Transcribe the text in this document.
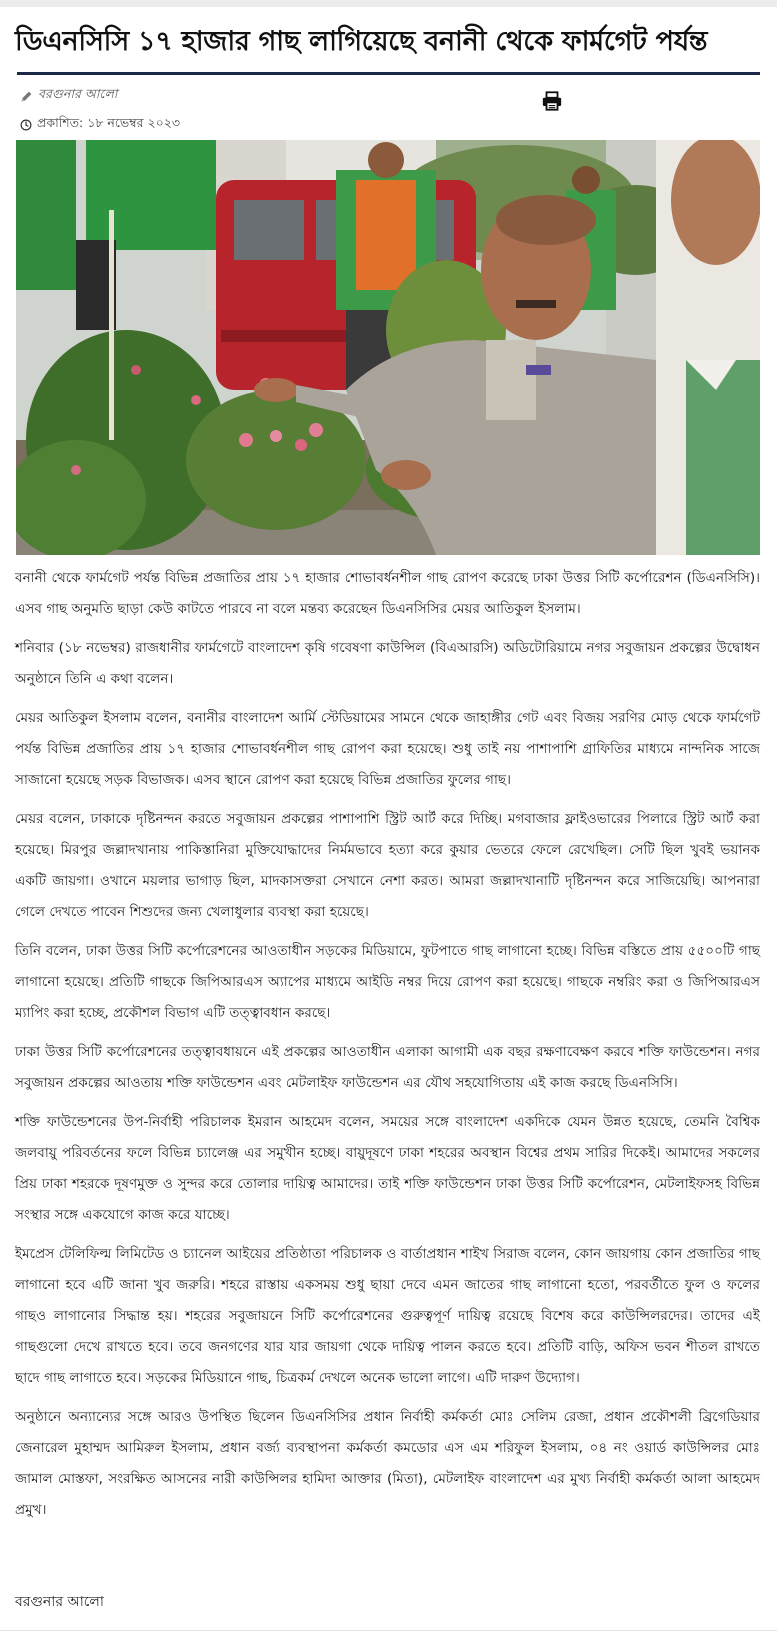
ডিএনসিসি ১৭ হাজার গাছ লাগিয়েছে বনানী থেকে ফার্মগেট পর্যন্ত
বরগুনার আলো
প্রকাশিত: ১৮ নভেম্বর ২০২৩

বনানী থেকে ফার্মগেট পর্যন্ত বিভিন্ন প্রজাতির প্রায় ১৭ হাজার শোভাবর্ধনশীল গাছ রোপণ করেছে ঢাকা উত্তর সিটি কর্পোরেশন (ডিএনসিসি)। এসব গাছ অনুমতি ছাড়া কেউ কাটতে পারবে না বলে মন্তব্য করেছেন ডিএনসিসির মেয়র আতিকুল ইসলাম।

শনিবার (১৮ নভেম্বর) রাজধানীর ফার্মগেটে বাংলাদেশ কৃষি গবেষণা কাউন্সিল (বিএআরসি) অডিটোরিয়ামে নগর সবুজায়ন প্রকল্পের উদ্বোধন অনুষ্ঠানে তিনি এ কথা বলেন।

মেয়র আতিকুল ইসলাম বলেন, বনানীর বাংলাদেশ আর্মি স্টেডিয়ামের সামনে থেকে জাহাঙ্গীর গেট এবং বিজয় সরণির মোড় থেকে ফার্মগেট পর্যন্ত বিভিন্ন প্রজাতির প্রায় ১৭ হাজার শোভাবর্ধনশীল গাছ রোপণ করা হয়েছে। শুধু তাই নয় পাশাপাশি গ্রাফিতির মাধ্যমে নান্দনিক সাজে সাজানো হয়েছে সড়ক বিভাজক। এসব স্থানে রোপণ করা হয়েছে বিভিন্ন প্রজাতির ফুলের গাছ।

মেয়র বলেন, ঢাকাকে দৃষ্টিনন্দন করতে সবুজায়ন প্রকল্পের পাশাপাশি স্ট্রিট আর্ট করে দিচ্ছি। মগবাজার ফ্লাইওভারের পিলারে স্ট্রিট আর্ট করা হয়েছে। মিরপুর জল্লাদখানায় পাকিস্তানিরা মুক্তিযোদ্ধাদের নির্মমভাবে হত্যা করে কুয়ার ভেতরে ফেলে রেখেছিল। সেটি ছিল খুবই ভয়ানক একটি জায়গা। ওখানে ময়লার ভাগাড় ছিল, মাদকাসক্তরা সেখানে নেশা করত। আমরা জল্লাদখানাটি দৃষ্টিনন্দন করে সাজিয়েছি। আপনারা গেলে দেখতে পাবেন শিশুদের জন্য খেলাধুলার ব্যবস্থা করা হয়েছে।

তিনি বলেন, ঢাকা উত্তর সিটি কর্পোরেশনের আওতাধীন সড়কের মিডিয়ামে, ফুটপাতে গাছ লাগানো হচ্ছে। বিভিন্ন বস্তিতে প্রায় ৫৫০০টি গাছ লাগানো হয়েছে। প্রতিটি গাছকে জিপিআরএস অ্যাপের মাধ্যমে আইডি নম্বর দিয়ে রোপণ করা হয়েছে। গাছকে নম্বরিং করা ও জিপিআরএস ম্যাপিং করা হচ্ছে, প্রকৌশল বিভাগ এটি তত্ত্বাবধান করছে।

ঢাকা উত্তর সিটি কর্পোরেশনের তত্ত্বাবধায়নে এই প্রকল্পের আওতাধীন এলাকা আগামী এক বছর রক্ষণাবেক্ষণ করবে শক্তি ফাউন্ডেশন। নগর সবুজায়ন প্রকল্পের আওতায় শক্তি ফাউন্ডেশন এবং মেটলাইফ ফাউন্ডেশন এর যৌথ সহযোগিতায় এই কাজ করছে ডিএনসিসি।

শক্তি ফাউন্ডেশনের উপ-নির্বাহী পরিচালক ইমরান আহমেদ বলেন, সময়ের সঙ্গে বাংলাদেশ একদিকে যেমন উন্নত হয়েছে, তেমনি বৈশ্বিক জলবায়ু পরিবর্তনের ফলে বিভিন্ন চ্যালেঞ্জ এর সমুখীন হচ্ছে। বায়ুদূষণে ঢাকা শহরের অবস্থান বিশ্বের প্রথম সারির দিকেই। আমাদের সকলের প্রিয় ঢাকা শহরকে দূষণমুক্ত ও সুন্দর করে তোলার দায়িত্ব আমাদের। তাই শক্তি ফাউন্ডেশন ঢাকা উত্তর সিটি কর্পোরেশন, মেটলাইফসহ বিভিন্ন সংস্থার সঙ্গে একযোগে কাজ করে যাচ্ছে।

ইমপ্রেস টেলিফিল্ম লিমিটেড ও চ্যানেল আইয়ের প্রতিষ্ঠাতা পরিচালক ও বার্তাপ্রধান শাইখ সিরাজ বলেন, কোন জায়গায় কোন প্রজাতির গাছ লাগানো হবে এটি জানা খুব জরুরি। শহরে রাস্তায় একসময় শুধু ছায়া দেবে এমন জাতের গাছ লাগানো হতো, পরবর্তীতে ফুল ও ফলের গাছও লাগানোর সিদ্ধান্ত হয়। শহরের সবুজায়নে সিটি কর্পোরেশনের গুরুত্বপূর্ণ দায়িত্ব রয়েছে বিশেষ করে কাউন্সিলরদের। তাদের এই গাছগুলো দেখে রাখতে হবে। তবে জনগণের যার যার জায়গা থেকে দায়িত্ব পালন করতে হবে। প্রতিটি বাড়ি, অফিস ভবন শীতল রাখতে ছাদে গাছ লাগাতে হবে। সড়কের মিডিয়ানে গাছ, চিত্রকর্ম দেখলে অনেক ভালো লাগে। এটি দারুণ উদ্যোগ।

অনুষ্ঠানে অন্যান্যের সঙ্গে আরও উপস্থিত ছিলেন ডিএনসিসির প্রধান নির্বাহী কর্মকর্তা মোঃ সেলিম রেজা, প্রধান প্রকৌশলী ব্রিগেডিয়ার জেনারেল মুহাম্মদ আমিরুল ইসলাম, প্রধান বর্জ্য ব্যবস্থাপনা কর্মকর্তা কমডোর এস এম শরিফুল ইসলাম, ০৪ নং ওয়ার্ড কাউন্সিলর মোঃ জামাল মোস্তফা, সংরক্ষিত আসনের নারী কাউন্সিলর হামিদা আক্তার (মিতা), মেটলাইফ বাংলাদেশ এর মুখ্য নির্বাহী কর্মকর্তা আলা আহমেদ প্রমুখ।

বরগুনার আলো
